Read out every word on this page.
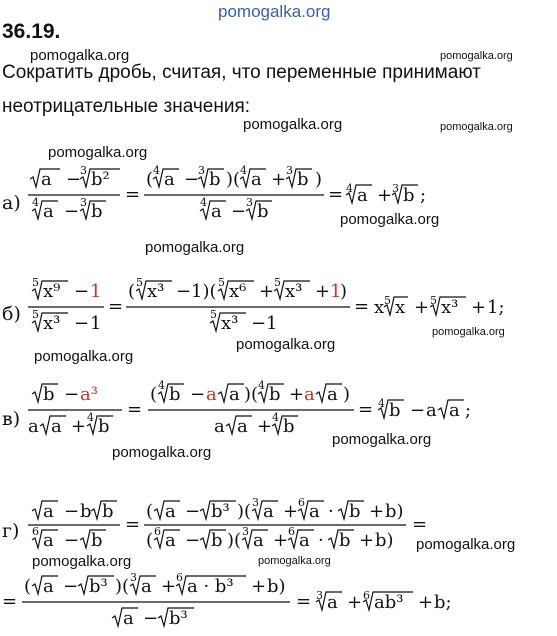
pomogalka.org
36.19.
pomogalka.org	pomogalka.org
Сократить дробь, считая, что переменные принимают
неотрицательные значения:
pomogalka.org	pomogalka.org
pomogalka.org
а)
a −
3 b²
4 a − 3 b
=
( 4 a −
3 b )( 4 a + 3 b )
4 a − 3 b
= 4 a + 3 b ;
pomogalka.org
pomogalka.org
б)
5 x⁹ − 1
5 x³ − 1
=
( 5 x³ − 1)( 5 x⁶ + 5 x³ + 1
)
5 x³ − 1
= x 5 x + 5 x³ + 1;
pomogalka.org
pomogalka.org
pomogalka.org
в)
b − a³
a a + 4 b
=
( 4 b − a a )( 4 b + a a )
a a + 4 b
= 4 b − a a ;
pomogalka.org
pomogalka.org
г)
a − b b
6 a − b
=
( a − b³ )( 3 a + 6 a · b + b)
( 6 a − b )( 3 a + 6 a · b + b)
=
pomogalka.org
pomogalka.org	pomogalka.org
=
( a − b³ )( 3 a + 6 a · b³ + b)
a − b³
= 3 a + 6 ab³ + b;
